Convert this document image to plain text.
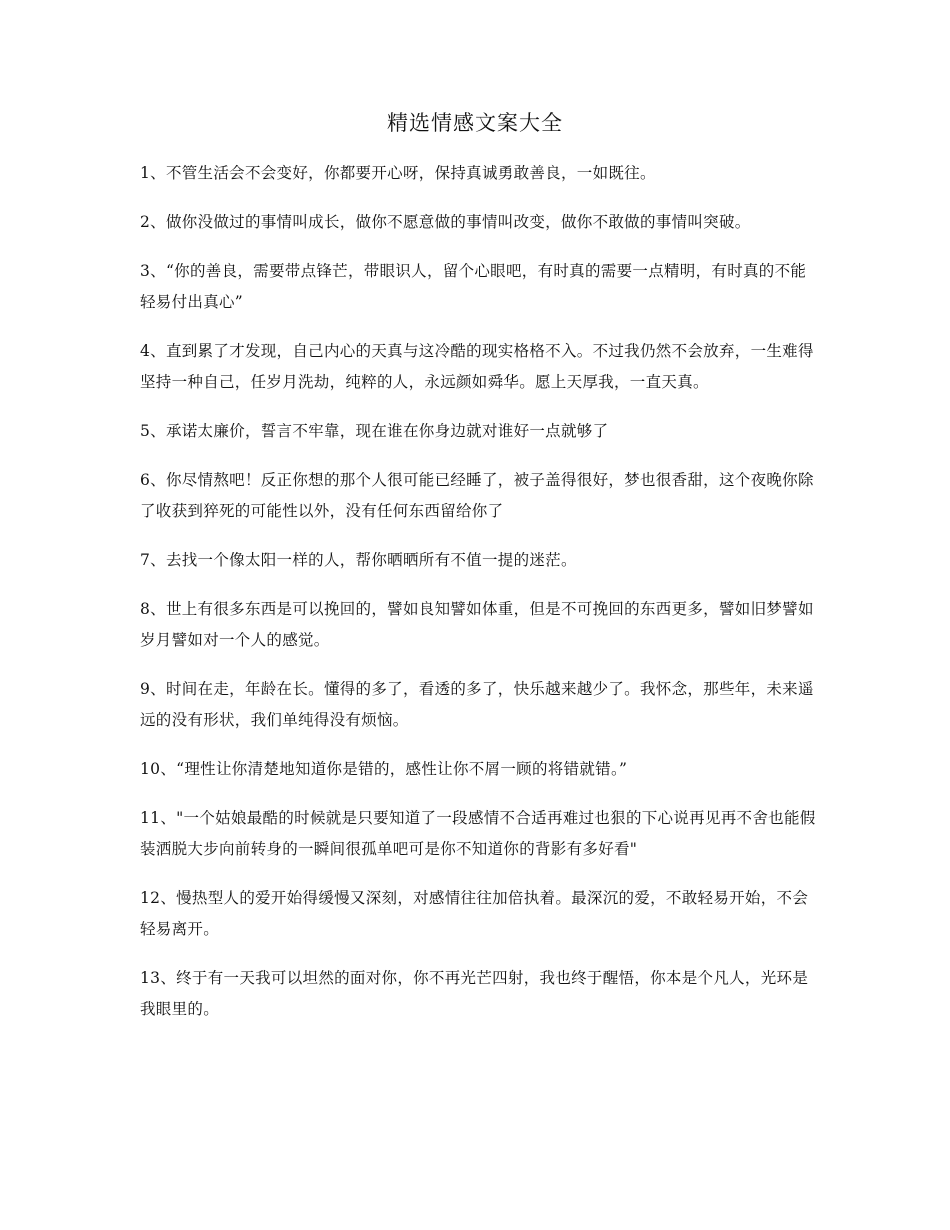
精选情感文案大全

1、不管生活会不会变好，你都要开心呀，保持真诚勇敢善良，一如既往。

2、做你没做过的事情叫成长，做你不愿意做的事情叫改变，做你不敢做的事情叫突破。

3、“你的善良，需要带点锋芒，带眼识人，留个心眼吧，有时真的需要一点精明，有时真的不能轻易付出真心”

4、直到累了才发现，自己内心的天真与这冷酷的现实格格不入。不过我仍然不会放弃，一生难得坚持一种自己，任岁月洗劫，纯粹的人，永远颜如舜华。愿上天厚我，一直天真。

5、承诺太廉价，誓言不牢靠，现在谁在你身边就对谁好一点就够了

6、你尽情熬吧！反正你想的那个人很可能已经睡了，被子盖得很好，梦也很香甜，这个夜晚你除了收获到猝死的可能性以外，没有任何东西留给你了

7、去找一个像太阳一样的人，帮你晒晒所有不值一提的迷茫。

8、世上有很多东西是可以挽回的，譬如良知譬如体重，但是不可挽回的东西更多，譬如旧梦譬如岁月譬如对一个人的感觉。

9、时间在走，年龄在长。懂得的多了，看透的多了，快乐越来越少了。我怀念，那些年，未来遥远的没有形状，我们单纯得没有烦恼。

10、“理性让你清楚地知道你是错的，感性让你不屑一顾的将错就错。”

11、"一个姑娘最酷的时候就是只要知道了一段感情不合适再难过也狠的下心说再见再不舍也能假装洒脱大步向前转身的一瞬间很孤单吧可是你不知道你的背影有多好看"

12、慢热型人的爱开始得缓慢又深刻，对感情往往加倍执着。最深沉的爱，不敢轻易开始，不会轻易离开。

13、终于有一天我可以坦然的面对你，你不再光芒四射，我也终于醒悟，你本是个凡人，光环是我眼里的。
